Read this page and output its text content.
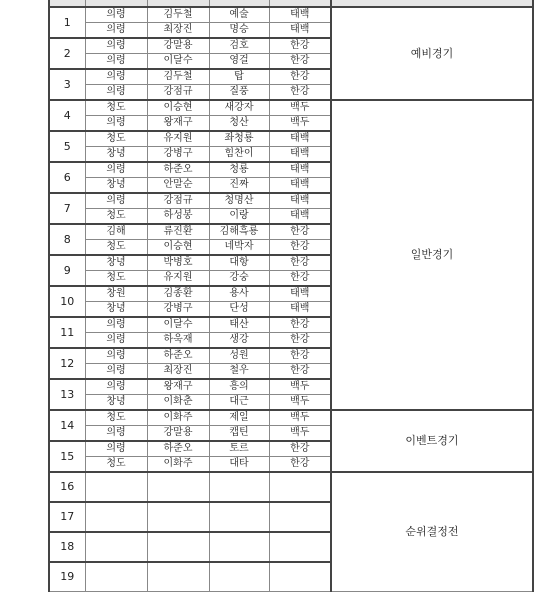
1	의령	김두철	예술	태백	예비경기
	의령	최장진	명승	태백	
2	의령	강말용	검호	한강	
	의령	이달수	영걸	한강	
3	의령	김두철	탑	한강	
	의령	강점규	질풍	한강	
4	청도	이승현	새강자	백두	일반경기
	의령	왕재구	청산	백두	
5	청도	유지원	좌청룡	태백	
	창녕	강병구	힘찬이	태백	
6	의령	하준오	청룡	태백	
	창녕	안말순	진짜	태백	
7	의령	강점규	청명산	태백	
	청도	하성봉	이랑	태백	
8	김해	류진환	김해흑룡	한강	
	청도	이승현	네박자	한강	
9	창녕	박병호	대항	한강	
	청도	유지원	강숭	한강	
10	창원	김종환	용사	태백	
	창녕	강병구	단성	태백	
11	의령	이달수	태산	한강	
	의령	하욱재	생강	한강	
12	의령	하준오	성원	한강	
	의령	최장진	철우	한강	
13	의령	왕재구	흥의	백두	
	창녕	이화춘	대근	백두	
14	청도	이화주	제일	백두	이벤트경기
	의령	강말용	캡틴	백두	
15	의령	하준오	토르	한강	
	청도	이화주	대타	한강	
16					순위결정전
17					
18					
19					
